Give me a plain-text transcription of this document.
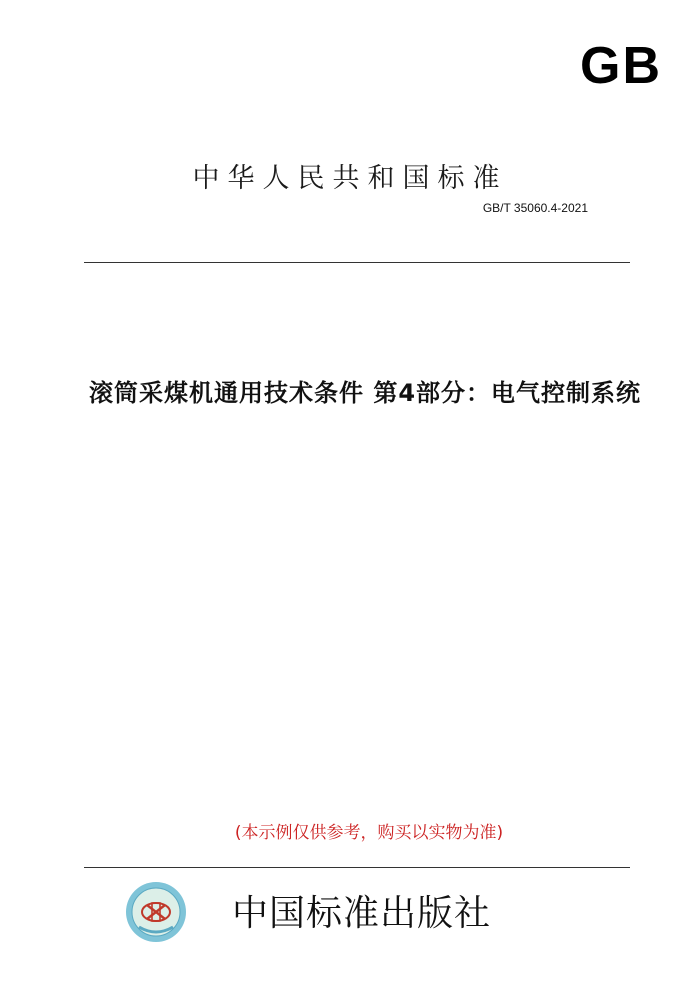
GB
中华人民共和国标准
GB/T 35060.4-2021
滚筒采煤机通用技术条件 第4部分：电气控制系统
(本示例仅供参考，购买以实物为准)
中国标准出版社
